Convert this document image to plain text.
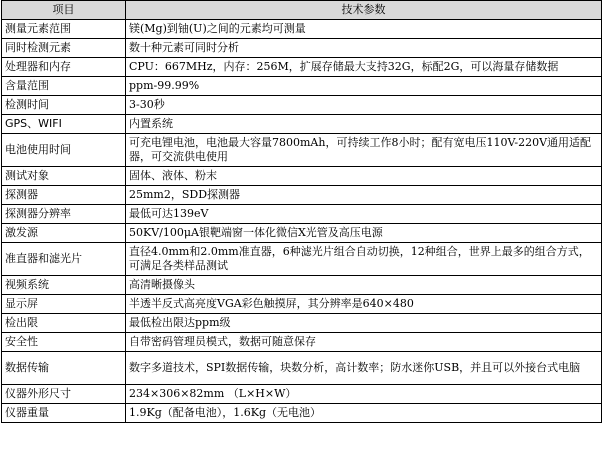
项目	技术参数
测量元素范围	镁(Mg)到铀(U)之间的元素均可测量
同时检测元素	数十种元素可同时分析
处理器和内存	CPU：667MHz，内存：256M，扩展存储最大支持32G，标配2G，可以海量存储数据
含量范围	ppm-99.99%
检测时间	3-30秒
GPS、WIFI	内置系统
电池使用时间	可充电锂电池，电池最大容量7800mAh，可持续工作8小时；配有宽电压110V-220V通用适配器，可交流供电使用
测试对象	固体、液体、粉末
探测器	25mm2，SDD探测器
探测器分辨率	最低可达139eV
激发源	50KV/100μA银靶端窗一体化微信X光管及高压电源
准直器和滤光片	直径4.0mm和2.0mm准直器，6种滤光片组合自动切换，12种组合，世界上最多的组合方式，可满足各类样品测试
视频系统	高清晰摄像头
显示屏	半透半反式高亮度VGA彩色触摸屏，其分辨率是640×480
检出限	最低检出限达ppm级
安全性	自带密码管理员模式，数据可随意保存
数据传输	数字多道技术，SPI数据传输，块数分析，高计数率；防水迷你USB，并且可以外接台式电脑
仪器外形尺寸	234×306×82mm （L×H×W）
仪器重量	1.9Kg（配备电池），1.6Kg（无电池）
